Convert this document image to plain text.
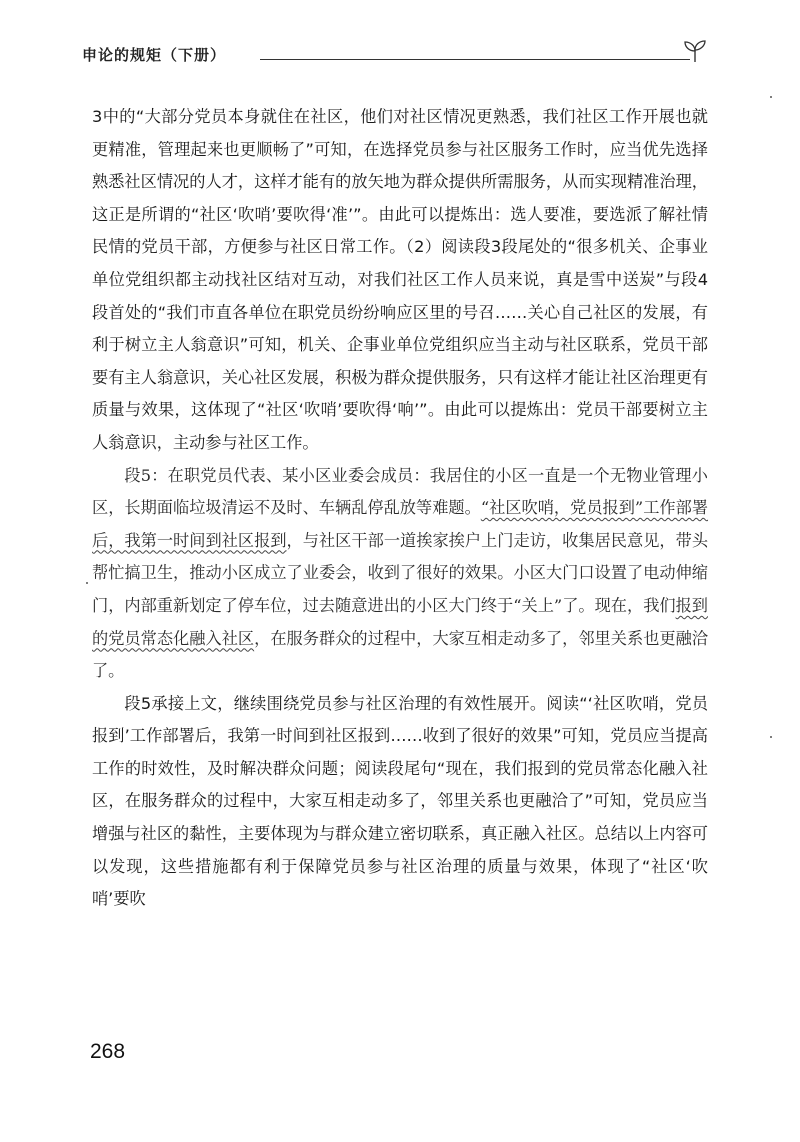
申论的规矩（下册）

3中的“大部分党员本身就住在社区，他们对社区情况更熟悉，我们社区工作开展也就更精准，管理起来也更顺畅了”可知，在选择党员参与社区服务工作时，应当优先选择熟悉社区情况的人才，这样才能有的放矢地为群众提供所需服务，从而实现精准治理，这正是所谓的“社区‘吹哨’要吹得‘准’”。由此可以提炼出：选人要准，要选派了解社情民情的党员干部，方便参与社区日常工作。（2）阅读段3段尾处的“很多机关、企事业单位党组织都主动找社区结对互动，对我们社区工作人员来说，真是雪中送炭”与段4段首处的“我们市直各单位在职党员纷纷响应区里的号召……关心自己社区的发展，有利于树立主人翁意识”可知，机关、企事业单位党组织应当主动与社区联系，党员干部要有主人翁意识，关心社区发展，积极为群众提供服务，只有这样才能让社区治理更有质量与效果，这体现了“社区‘吹哨’要吹得‘响’”。由此可以提炼出：党员干部要树立主人翁意识，主动参与社区工作。

段5：在职党员代表、某小区业委会成员：我居住的小区一直是一个无物业管理小区，长期面临垃圾清运不及时、车辆乱停乱放等难题。“社区吹哨，党员报到”工作部署后，我第一时间到社区报到，与社区干部一道挨家挨户上门走访，收集居民意见，带头帮忙搞卫生，推动小区成立了业委会，收到了很好的效果。小区大门口设置了电动伸缩门，内部重新划定了停车位，过去随意进出的小区大门终于“关上”了。现在，我们报到的党员常态化融入社区，在服务群众的过程中，大家互相走动多了，邻里关系也更融洽了。

段5承接上文，继续围绕党员参与社区治理的有效性展开。阅读“‘社区吹哨，党员报到’工作部署后，我第一时间到社区报到……收到了很好的效果”可知，党员应当提高工作的时效性，及时解决群众问题；阅读段尾句“现在，我们报到的党员常态化融入社区，在服务群众的过程中，大家互相走动多了，邻里关系也更融洽了”可知，党员应当增强与社区的黏性，主要体现为与群众建立密切联系，真正融入社区。总结以上内容可以发现，这些措施都有利于保障党员参与社区治理的质量与效果，体现了“社区‘吹哨’要吹

268
